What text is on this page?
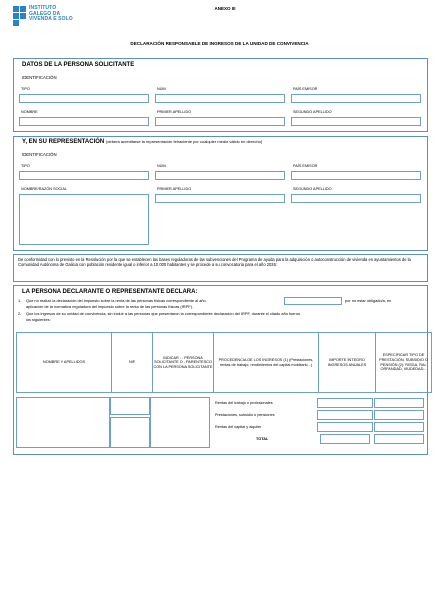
INSTITUTO
GALEGO DA
VIVENDA E SOLO
ANEXO III
DECLARACIÓN RESPONSABLE DE INGRESOS DE LA UNIDAD DE CONVIVENCIA
DATOS DE LA PERSONA SOLICITANTE
IDENTIFICACIÓN
TIPO	NÚM.	PAÍS EMISOR
NOMBRE	PRIMER APELLIDO	SEGUNDO APELLIDO
Y, EN SU REPRESENTACIÓN (deberá acreditarse la representación fehaciente por cualquier medio válido en derecho)
IDENTIFICACIÓN
TIPO	NÚM.	PAÍS EMISOR
NOMBRE/RAZÓN SOCIAL	PRIMER APELLIDO	SEGUNDO APELLIDO
De conformidad con lo previsto en la Resolución por la que se establecen las bases reguladoras de las subvenciones del Programa de ayuda para la adquisición o autoconstrucción de vivienda en ayuntamientos de la Comunidad Autónoma de Galicia con población residente igual o inferior a 10.000 habitantes y se procede a su convocatoria para el año 2026:
LA PERSONA DECLARANTE O REPRESENTANTE DECLARA:
1. Que no realizó la declaración del impuesto sobre la renta de las personas físicas correspondiente al año	por no estar obligado/a, en
aplicación de la normativa reguladora del impuesto sobre la renta de las personas físicas (IRPF).
2. Que los ingresos de su unidad de convivencia, sin incluir a las personas que presentaron la correspondiente declaración del IRPF, durante el citado año fueron
los siguientes:
NOMBRE Y APELLIDOS	NIF	INDICAR : - PERSONA SOLICITANTE O - PARENTESCO CON LA PERSONA SOLICITANTE	PROCEDENCIA DE LOS INGRESOS (1) (Prestaciones, rentas de trabajo, rendimientos del capital mobiliario...)	IMPORTE ÍNTEGRO INGRESOS ANUALES	ESPECIFICAR TIPO DE PRESTACIÓN, SUBSIDIO O PENSIÓN (2): RISGA, RAI, ORFANDAD, VIUDEDAD...
Rentas del trabajo o profesionales
Prestaciones, subsidio o pensiones
Rentas del capital y alquiler
TOTAL
